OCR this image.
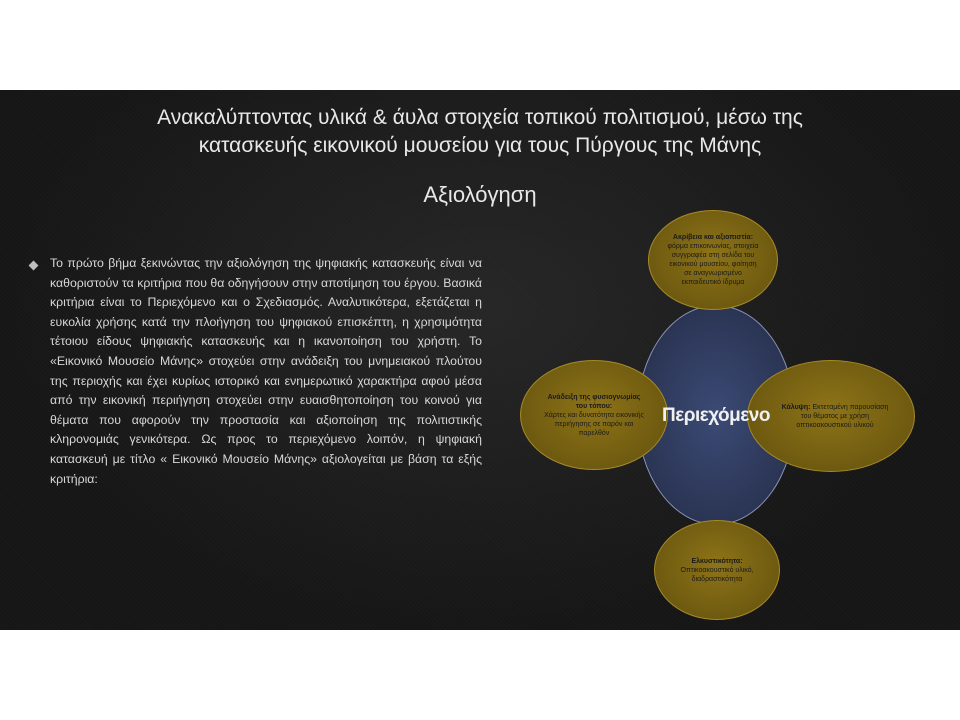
Ανακαλύπτοντας υλικά & άυλα στοιχεία τοπικού πολιτισμού, μέσω της
κατασκευής εικονικού μουσείου για τους Πύργους της Μάνης
Αξιολόγηση

Το πρώτο βήμα ξεκινώντας την αξιολόγηση της ψηφιακής κατασκευής είναι να καθοριστούν τα κριτήρια που θα οδηγήσουν στην αποτίμηση του έργου. Βασικά κριτήρια είναι το Περιεχόμενο και ο Σχεδιασμός. Αναλυτικότερα, εξετάζεται η ευκολία χρήσης κατά την πλοήγηση του ψηφιακού επισκέπτη, η χρησιμότητα τέτοιου είδους ψηφιακής κατασκευής και η ικανοποίηση του χρήστη. Το «Εικονικό Μουσείο Μάνης» στοχεύει στην ανάδειξη του μνημειακού πλούτου της περιοχής και έχει κυρίως ιστορικό και ενημερωτικό χαρακτήρα αφού μέσα από την εικονική περιήγηση στοχεύει στην ευαισθητοποίηση του κοινού για θέματα που αφορούν την προστασία και αξιοποίηση της πολιτιστικής κληρονομιάς γενικότερα. Ως προς το περιεχόμενο λοιπόν, η ψηφιακή κατασκευή με τίτλο « Εικονικό Μουσείο Μάνης» αξιολογείται με βάση τα εξής κριτήρια:

Ακρίβεια και αξιοπιστία:
φόρμα επικοινωνίας, στοιχεία συγγραφέα στη σελίδα του εικονικού μουσείου, φοίτηση σε αναγνωρισμένο εκπαιδευτικό ίδρυμα
Ανάδειξη της φυσιογνωμίας του τόπου:
Χάρτες και δυνατότητα εικονικής περιήγησης σε παρόν και παρελθόν
Κάλυψη: Εκτεταμένη παρουσίαση του θέματος με χρήση οπτικοακουστικού υλικού
Ελκυστικότητα:
Οπτικοακουστικό υλικό, διαδραστικότητα
Περιεχόμενο
